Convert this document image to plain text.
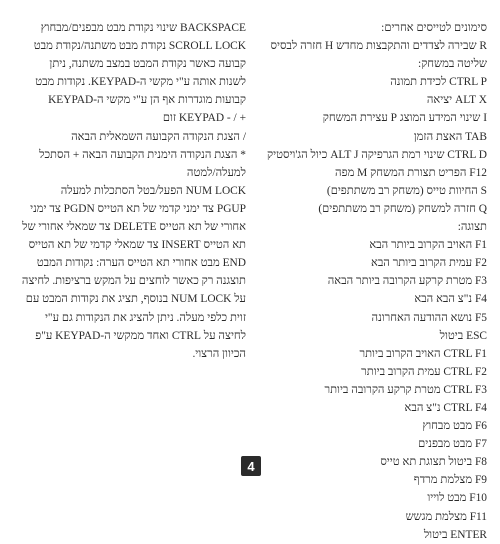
סימונים לטייסים אחרים:
R שבירה לצדדים והתקבצות מחדש H חזרה לבסיס
שליטה במשחק:
CTRL P לכידת תמונה
ALT X יציאה
I שינוי המידע המוצג P עצירת המשחק
TAB האצת הזמן
CTRL D שינוי רמת הגרפיקה ALT J כיול הג'ויסטיק
F12 הפריט תצורת המשחק M מפה
S החיוות טייס (משחק רב משתתפים)
Q חזרה למשחק (משחק רב משתתפים)
תצוגה:
F1 האויב הקרוב ביותר הבא
F2 עמית הקרוב ביותר הבא
F3 מטרת קרקע הקרובה ביותר הבאה
F4 נ"צ הבא הבא
F5 נושא ההודעה האחרונה
ESC ביטול
CTRL F1 האויב הקרוב ביותר
CTRL F2 עמית הקרוב ביותר
CTRL F3 מטרת קרקע הקרובה ביותר
CTRL F4 נ"צ הבא
F6 מבט מבחוץ
F7 מבט מבפנים
F8 ביטול תצוגת תא טייס
F9 מצלמת מרדף
F10 מבט לוייו
F11 מצלמת מגשש
ENTER ביטול
BACKSPACE שינוי נקודת מבט מבפנים/מבחוץ
SCROLL LOCK נקודת מבט משתנה/נקודת מבט
קבועה כאשר נקודת המבט במצב משתנה, ניתן
לשנות אותה ע"י מקשי ה-KEYPAD. נקודות מבט
קבועות מוגדרות אף הן ע"י מקשי ה-KEYPAD
+ / - KEYPAD זום
/ הצגת הנקודה הקבועה השמאלית הבאה
* הצגת הנקודה הימנית הקבועה הבאה + הסתכל
למעלה/למטה
NUM LOCK הפעל/בטל הסתכלות למעלה
PGUP צד ימני קדמי של תא הטייס PGDN צד ימני
אחורי של תא הטייס DELETE צד שמאלי אחורי של
תא הטייס INSERT צד שמאלי קדמי של תא הטייס
END מבט אחורי תא הטייס הערה: נקודות המבט
תוצגנה רק כאשר לוחצים על המקש ברציפות. לחיצה
על NUM LOCK בנוסף, תציג את נקודות המבט עם
זוית כלפי מעלה. ניתן להציג את הנקודות גם ע"י
לחיצה על CTRL ואחד ממקשי ה-KEYPAD ע"פ
הכיוון הרצוי.
4
